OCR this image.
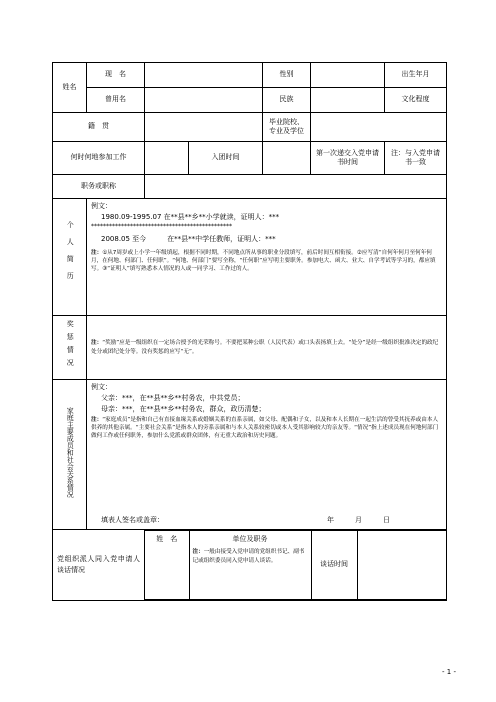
姓名	现　名		性别		出生年月
曾用名		民族		文化程度
籍　贯		毕业院校、专业及学位	
何时何地参加工作		入团时间		第一次递交入党申请书时间	注：与入党申请书一致
职务或职称	
个人简历	
例文：
1980.09-1995.07 在**县**乡**小学就读，证明人：***
***********************************************
2008.05 至今　　　在**县**中学任教师，证明人：***
注：①从7周岁或上小学一年级填起，根据不同时期，不同地点所从事的职业分段填写，前后时间互相衔接。②应写清“自何年何月至何年何月，在何地、何部门、任何职”。“何地、何部门”要写全称，“任何职”应写明主要职务。参加电大、函大、业大、自学考试等学习的，都应填写。③“证明人”填写熟悉本人情况的人或一同学习、工作过的人。

奖惩情况	注：“奖励”应是一级组织在一定场合授予的光荣称号。不要把某种公职（人民代表）或口头表扬填上去。“处分”是经一级组织批准决定的政纪处分或团纪处分等。没有奖惩的应写“无”。

家庭主要成员和社会关系情况	
例文：
父亲：***，在**县**乡**村务农，中共党员；
母亲：***，在**县**乡**村务农，群众，政历清楚；
注：“家庭成员”是指和自己有直接血缘关系或婚姻关系的直系亲属，如父母、配偶和子女，以及和本人长期在一起生活的曾受其抚养或由本人供养的其他亲属。“主要社会关系”是指本人的旁系亲属和与本人关系较密切或本人受其影响较大的亲友等。“情况”指上述成员现在何地何部门做何工作或任何职务，参加什么党派或群众团体，有无重大政治和历史问题。
填表人签名或盖章：	年	月	日

党组织派人同入党申请人谈话情况	
姓　名	单位及职务
注：一般由接受入党申请的党组织书记、副书记或组织委员同入党申请人谈话。	谈话时间	
- 1 -
